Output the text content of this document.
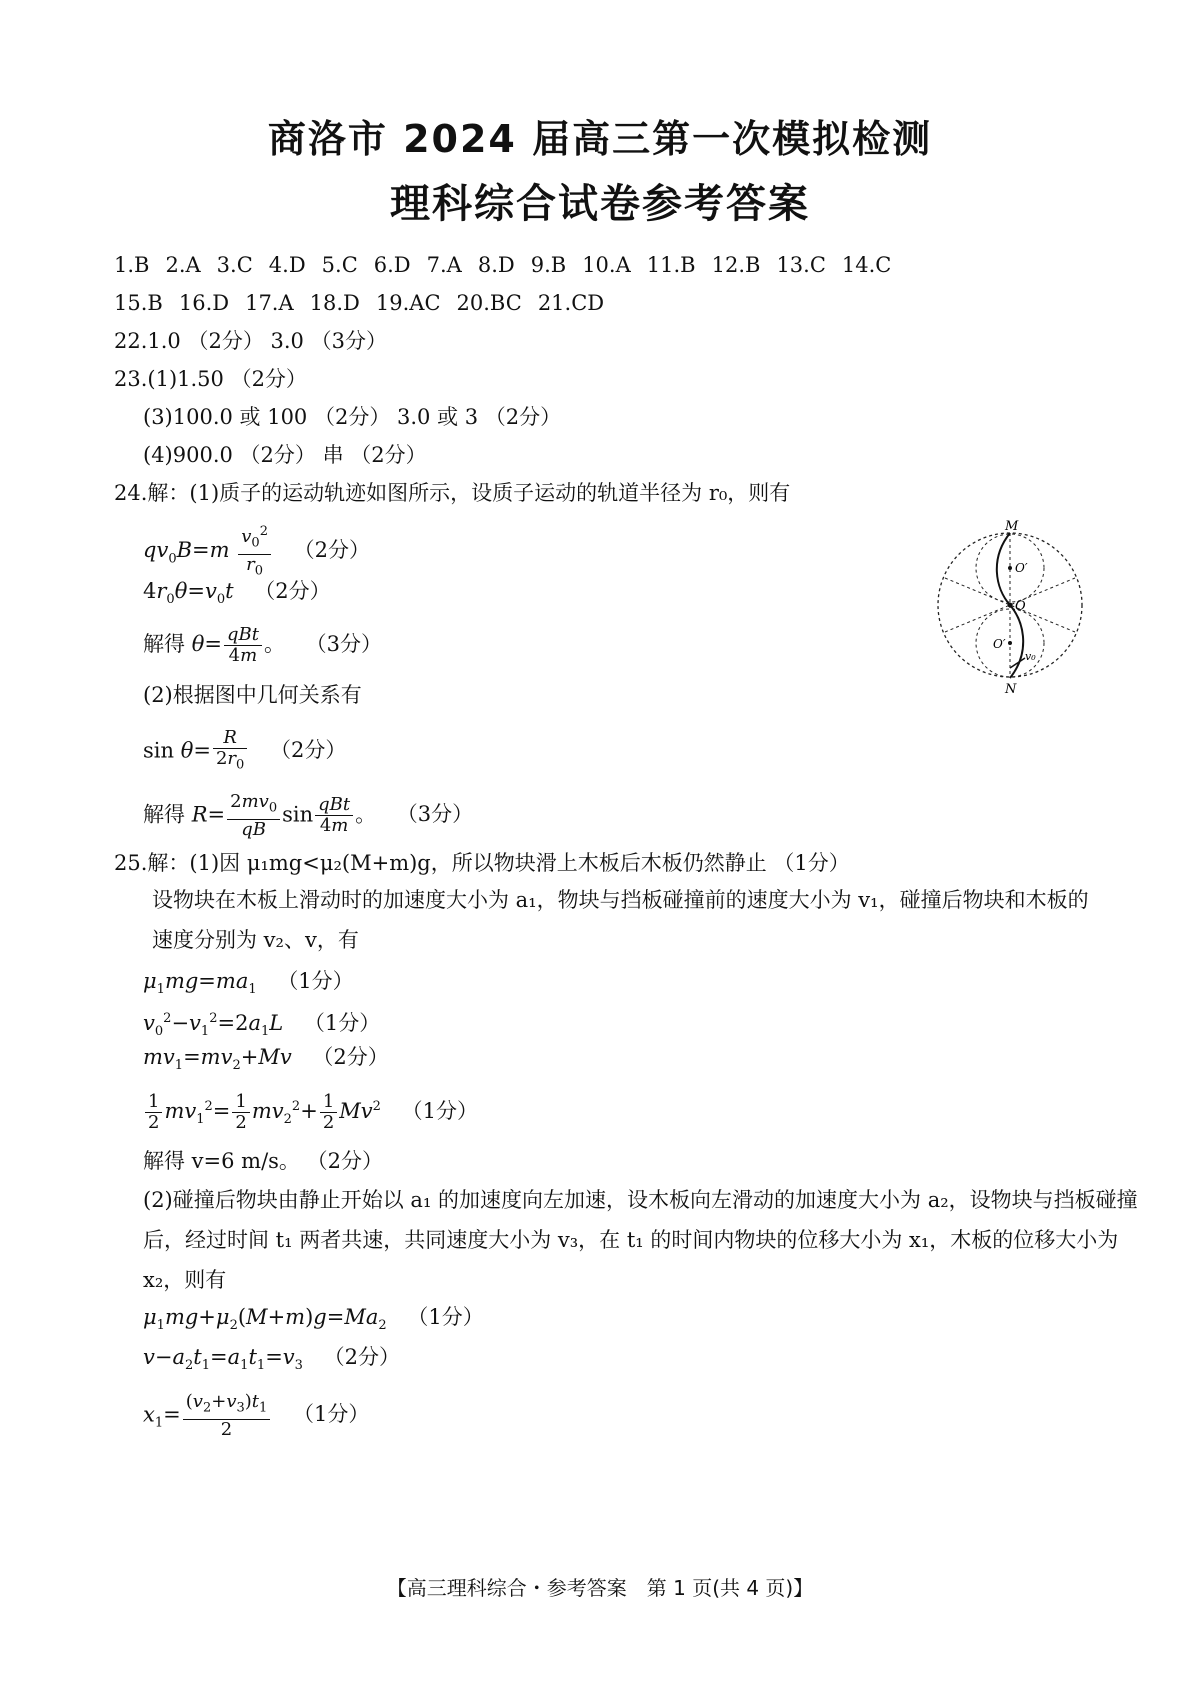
商洛市 2024 届高三第一次模拟检测
理科综合试卷参考答案
1.B 2.A 3.C 4.D 5.C 6.D 7.A 8.D 9.B 10.A 11.B 12.B 13.C 14.C
15.B 16.D 17.A 18.D 19.AC 20.BC 21.CD
22.1.0 （2分） 3.0 （3分）
23.(1)1.50 （2分）
(3)100.0 或 100 （2分） 3.0 或 3 （2分）
(4)900.0 （2分） 串 （2分）
24.解：(1)质子的运动轨迹如图所示，设质子运动的轨道半径为 r₀，则有
$qv_0B=m \frac{v_0^2}{r_0} (2$分）
$4r_0\theta=v_0t$ （2分）
解得 $\theta= \frac{\text{qBt}}{4m}$ 。 （3分）
(2)根据图中几何关系有
$\sin \theta= \frac{R}{2r_0} (2$分）
解得 $R= \frac{2mv_0}{qB}$ $\sin \frac{\text{qBt}}{4m}$ 。 （3分）
M
N
O
O′
O′
v₀
25.解：(1)因 μ₁mg<μ₂(M+m)g，所以物块滑上木板后木板仍然静止 （1分）
设物块在木板上滑动时的加速度大小为 a₁，物块与挡板碰撞前的速度大小为 v₁，碰撞后物块和木板的速度分别为 v₂、v，有
$\mu_1mg=ma_1$ （1分）
$v_0^2-v_1^2=2a_1L$ （1分）
$mv_1=mv_2+Mv$ （2分）
$\frac{1}{2} mv_1^2= \frac{1}{2} mv_2^2+ \frac{1}{2} Mv^2$ （1分）
解得 v=6 m/s。 （2分）
(2)碰撞后物块由静止开始以 a₁ 的加速度向左加速，设木板向左滑动的加速度大小为 a₂，设物块与挡板碰撞后，经过时间 t₁ 两者共速，共同速度大小为 v₃，在 t₁ 的时间内物块的位移大小为 x₁，木板的位移大小为 x₂，则有
$\mu_1mg+\mu_2(M+m)g=Ma_2$ （1分）
$v-a_2t_1=a_1t_1=v_3$ （2分）
$x_1= \frac{(v_2+v_3)t_1}{2} (1$分）
【高三理科综合・参考答案　第 1 页(共 4 页)】
